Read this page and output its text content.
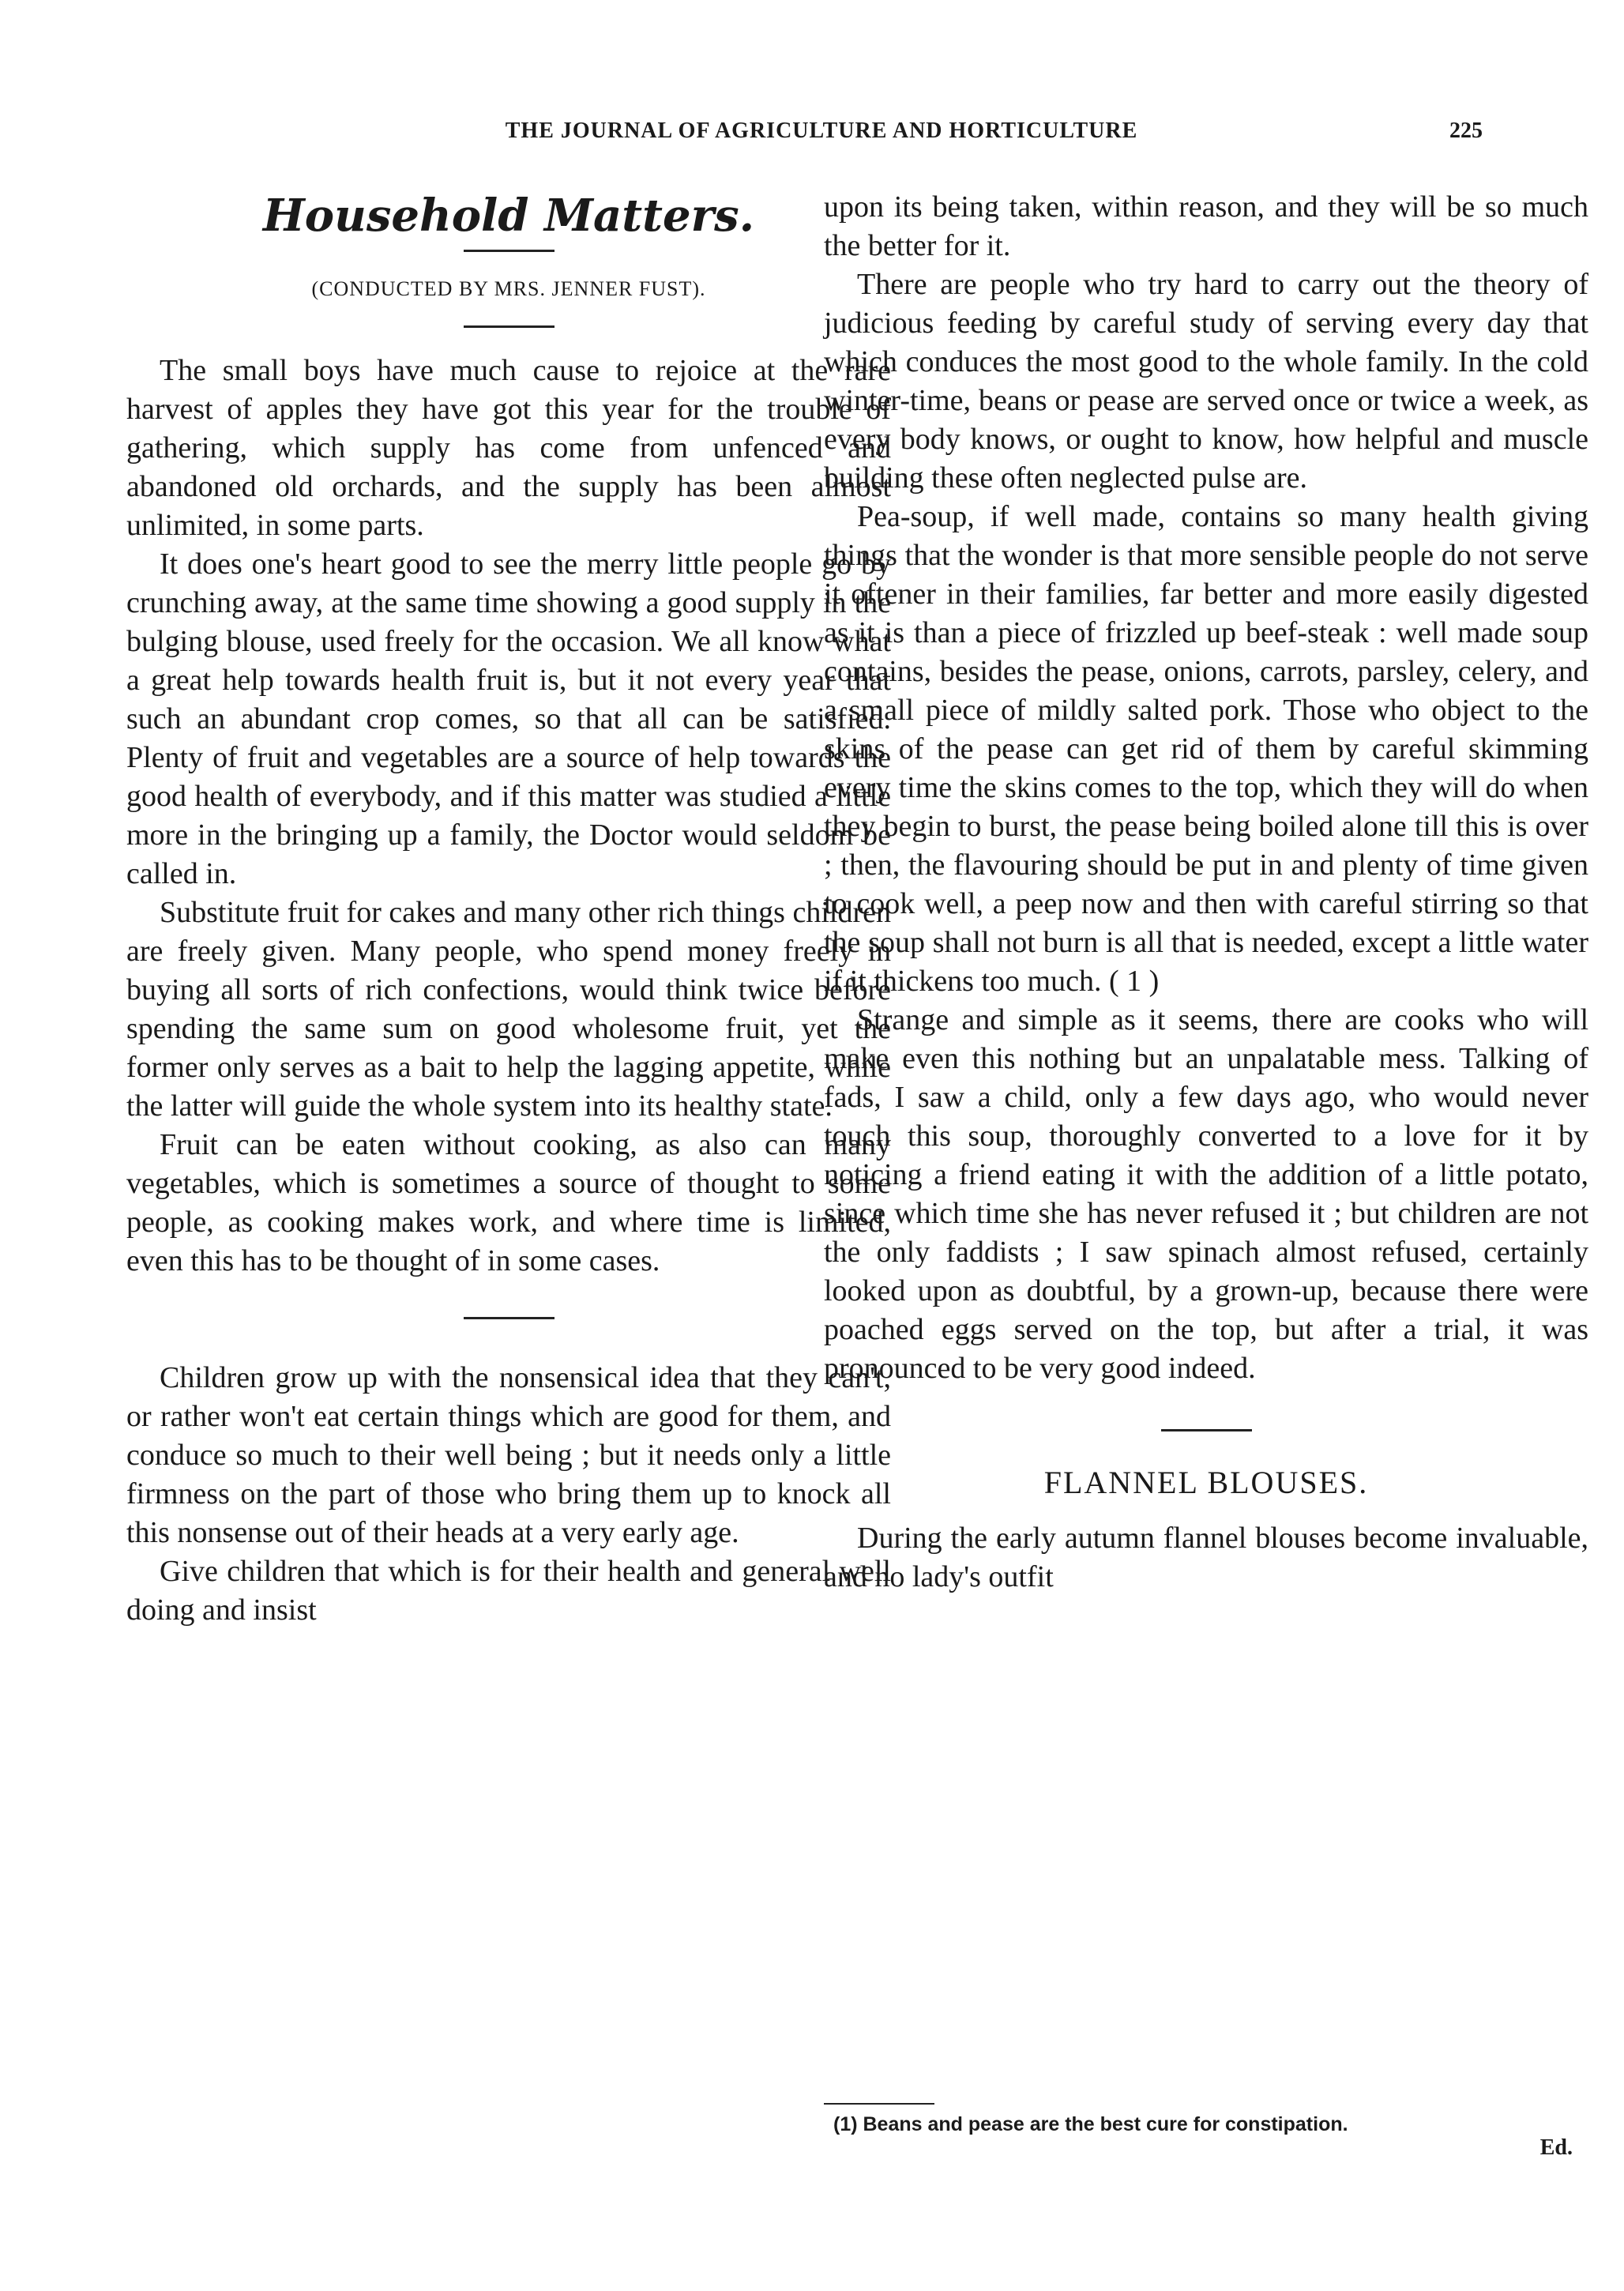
THE JOURNAL OF AGRICULTURE AND HORTICULTURE	225
Household Matters.
(CONDUCTED BY MRS. JENNER FUST).

The small boys have much cause to rejoice at the rare harvest of apples they have got this year for the trouble of gathering, which supply has come from unfenced and abandoned old orchards, and the supply has been almost unlimited, in some parts.

It does one's heart good to see the merry little people go by crunching away, at the same time showing a good supply in the bulging blouse, used freely for the occasion. We all know what a great help towards health fruit is, but it not every year that such an abundant crop comes, so that all can be satisfied. Plenty of fruit and vegetables are a source of help towards the good health of everybody, and if this matter was studied a little more in the bringing up a family, the Doctor would seldom be called in.

Substitute fruit for cakes and many other rich things children are freely given. Many people, who spend money freely in buying all sorts of rich confections, would think twice before spending the same sum on good wholesome fruit, yet the former only serves as a bait to help the lagging appetite, while the latter will guide the whole system into its healthy state.

Fruit can be eaten without cooking, as also can many vegetables, which is sometimes a source of thought to some people, as cooking makes work, and where time is limited, even this has to be thought of in some cases.

Children grow up with the nonsensical idea that they can't, or rather won't eat certain things which are good for them, and conduce so much to their well being ; but it needs only a little firmness on the part of those who bring them up to knock all this nonsense out of their heads at a very early age.

Give children that which is for their health and general well doing and insist

upon its being taken, within reason, and they will be so much the better for it.

There are people who try hard to carry out the theory of judicious feeding by careful study of serving every day that which conduces the most good to the whole family. In the cold winter-time, beans or pease are served once or twice a week, as every body knows, or ought to know, how helpful and muscle building these often neglected pulse are.

Pea-soup, if well made, contains so many health giving things that the wonder is that more sensible people do not serve it oftener in their families, far better and more easily digested as it is than a piece of frizzled up beef-steak : well made soup contains, besides the pease, onions, carrots, parsley, celery, and a small piece of mildly salted pork. Those who object to the skins of the pease can get rid of them by careful skimming every time the skins comes to the top, which they will do when they begin to burst, the pease being boiled alone till this is over ; then, the flavouring should be put in and plenty of time given to cook well, a peep now and then with careful stirring so that the soup shall not burn is all that is needed, except a little water if it thickens too much. ( 1 )

Strange and simple as it seems, there are cooks who will make even this nothing but an unpalatable mess. Talking of fads, I saw a child, only a few days ago, who would never touch this soup, thoroughly converted to a love for it by noticing a friend eating it with the addition of a little potato, since which time she has never refused it ; but children are not the only faddists ; I saw spinach almost refused, certainly looked upon as doubtful, by a grown-up, because there were poached eggs served on the top, but after a trial, it was pronounced to be very good indeed.

FLANNEL BLOUSES.

During the early autumn flannel blouses become invaluable, and no lady's outfit

(1) Beans and pease are the best cure for constipation.

Ed.
